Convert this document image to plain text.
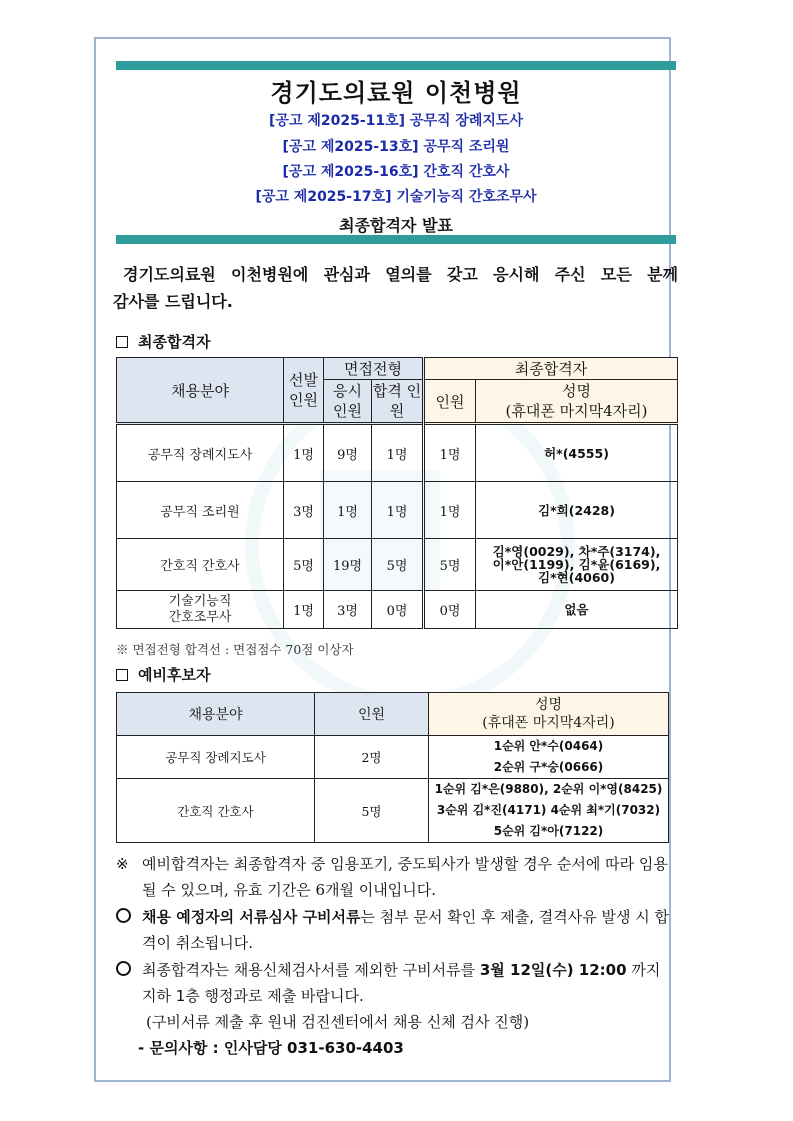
경기도의료원 이천병원
[공고 제2025-11호] 공무직 장례지도사
[공고 제2025-13호] 공무직 조리원
[공고 제2025-16호] 간호직 간호사
[공고 제2025-17호] 기술기능직 간호조무사
최종합격자 발표
경기도의료원 이천병원에 관심과 열의를 갖고 응시해 주신 모든 분께
감사를 드립니다.
최종합격자
채용분야	선발 인원	면접전형		최종합격자	
		응시 인원	합격 인원	인원	성명
(휴대폰 마지막4자리)
공무직 장례지도사	1명	9명	1명	1명	허*(4555)
공무직 조리원	3명	1명	1명	1명	김*희(2428)
간호직 간호사	5명	19명	5명	5명	김*영(0029), 차*주(3174),
이*안(1199), 김*윤(6169),
김*현(4060)
기술기능직
간호조무사	1명	3명	0명	0명	없음
※ 면접전형 합격선 : 면접점수 70점 이상자
예비후보자
채용분야	인원	성명
(휴대폰 마지막4자리)
공무직 장례지도사	2명	1순위 안*수(0464)
2순위 구*숭(0666)
간호직 간호사	5명	1순위 김*은(9880), 2순위 이*영(8425)
3순위 김*진(4171) 4순위 최*기(7032)
5순위 김*아(7122)
※ 예비합격자는 최종합격자 중 임용포기, 중도퇴사가 발생할 경우 순서에 따라 임용될 수 있으며, 유효 기간은 6개월 이내입니다.
채용 예정자의 서류심사 구비서류는 첨부 문서 확인 후 제출, 결격사유 발생 시 합격이 취소됩니다.
최종합격자는 채용신체검사서를 제외한 구비서류를 3월 12일(수) 12:00 까지 지하 1층 행정과로 제출 바랍니다.
(구비서류 제출 후 원내 검진센터에서 채용 신체 검사 진행)
- 문의사항 : 인사담당 031-630-4403
